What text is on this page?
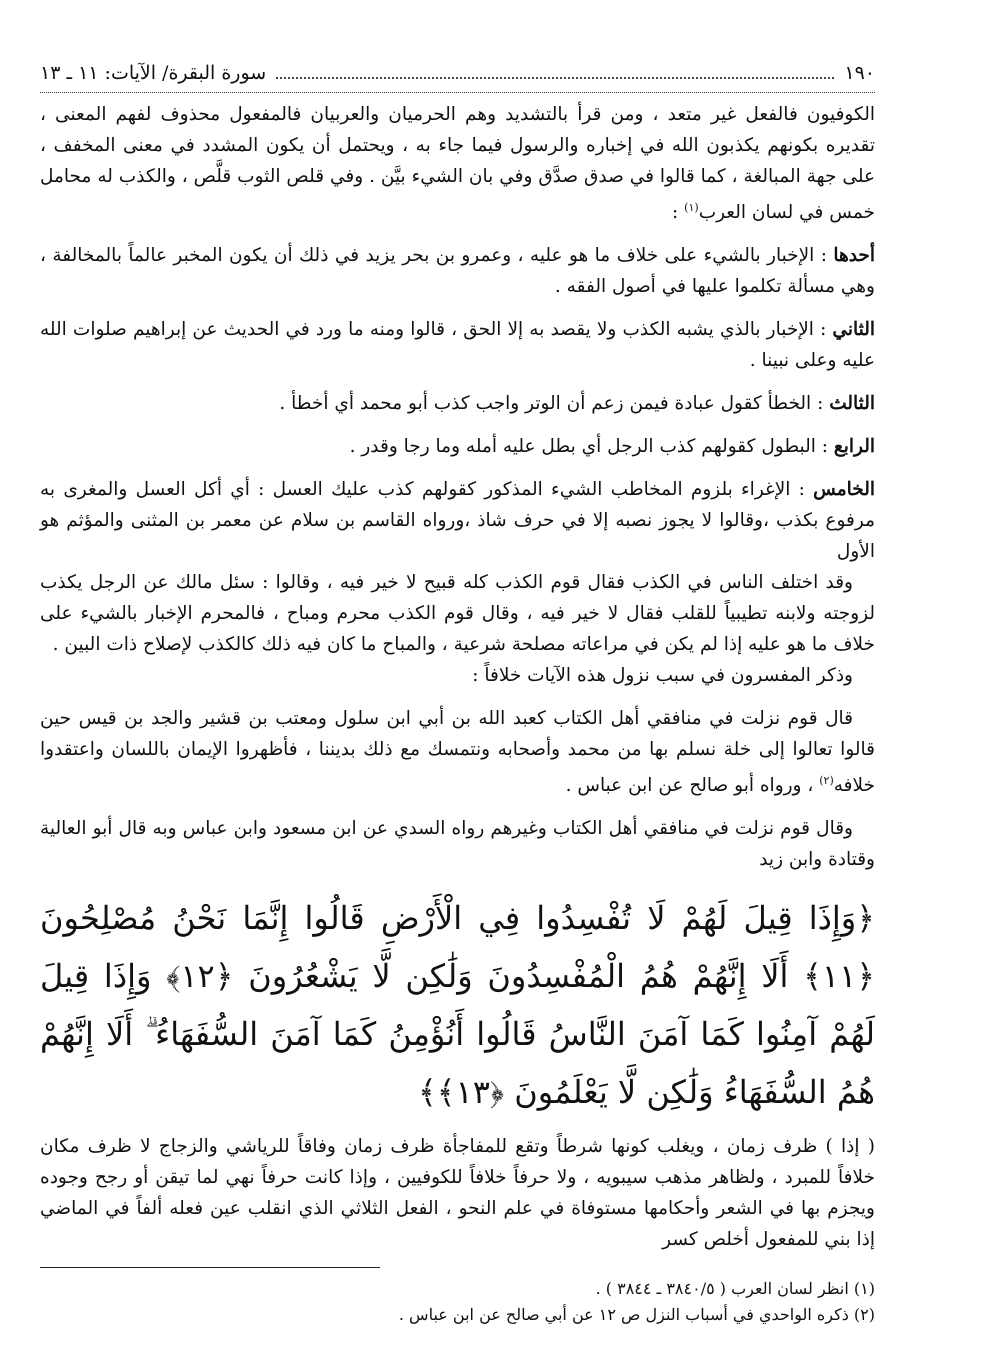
١٩٠
سورة البقرة/ الآيات: ١١ ـ ١٣

الكوفيون فالفعل غير متعد ، ومن قرأ بالتشديد وهم الحرميان والعربيان فالمفعول محذوف لفهم المعنى ، تقديره بكونهم يكذبون الله في إخباره والرسول فيما جاء به ، ويحتمل أن يكون المشدد في معنى المخفف ، على جهة المبالغة ، كما قالوا في صدق صدَّق وفي بان الشيء بيَّن . وفي قلص الثوب قلَّص ، والكذب له محامل خمس في لسان العرب$^{(١)}$ :

أحدها : الإخبار بالشيء على خلاف ما هو عليه ، وعمرو بن بحر يزيد في ذلك أن يكون المخبر عالماً بالمخالفة ، وهي مسألة تكلموا عليها في أصول الفقه .

الثاني : الإخبار بالذي يشبه الكذب ولا يقصد به إلا الحق ، قالوا ومنه ما ورد في الحديث عن إبراهيم صلوات الله عليه وعلى نبينا .

الثالث : الخطأ كقول عبادة فيمن زعم أن الوتر واجب كذب أبو محمد أي أخطأ .

الرابع : البطول كقولهم كذب الرجل أي بطل عليه أمله وما رجا وقدر .

الخامس : الإغراء بلزوم المخاطب الشيء المذكور كقولهم كذب عليك العسل : أي أكل العسل والمغرى به مرفوع بكذب ،وقالوا لا يجوز نصبه إلا في حرف شاذ ،ورواه القاسم بن سلام عن معمر بن المثنى والمؤثم هو الأول

وقد اختلف الناس في الكذب فقال قوم الكذب كله قبيح لا خير فيه ، وقالوا : سئل مالك عن الرجل يكذب لزوجته ولابنه تطيبياً للقلب فقال لا خير فيه ، وقال قوم الكذب محرم ومباح ، فالمحرم الإخبار بالشيء على خلاف ما هو عليه إذا لم يكن في مراعاته مصلحة شرعية ، والمباح ما كان فيه ذلك كالكذب لإصلاح ذات البين .

وذكر المفسرون في سبب نزول هذه الآيات خلافاً :

قال قوم نزلت في منافقي أهل الكتاب كعبد الله بن أبي ابن سلول ومعتب بن قشير والجد بن قيس حين قالوا تعالوا إلى خلة نسلم بها من محمد وأصحابه ونتمسك مع ذلك بديننا ، فأظهروا الإيمان باللسان واعتقدوا خلافه$^{(٢)}$ ، ورواه أبو صالح عن ابن عباس .

وقال قوم نزلت في منافقي أهل الكتاب وغيرهم رواه السدي عن ابن مسعود وابن عباس وبه قال أبو العالية وقتادة وابن زيد

﴿وَإِذَا قِيلَ لَهُمْ لَا تُفْسِدُوا فِي الْأَرْضِ قَالُوا إِنَّمَا نَحْنُ مُصْلِحُونَ ﴿١١﴾ أَلَا إِنَّهُمْ هُمُ الْمُفْسِدُونَ وَلَٰكِن لَّا يَشْعُرُونَ ﴿١٢﴾ وَإِذَا قِيلَ لَهُمْ آمِنُوا كَمَا آمَنَ النَّاسُ قَالُوا أَنُؤْمِنُ كَمَا آمَنَ السُّفَهَاءُ ۗ أَلَا إِنَّهُمْ هُمُ السُّفَهَاءُ وَلَٰكِن لَّا يَعْلَمُونَ ﴿١٣﴾﴾

( إذا ) ظرف زمان ، ويغلب كونها شرطاً وتقع للمفاجأة ظرف زمان وفاقاً للرياشي والزجاج لا ظرف مكان خلافاً للمبرد ، ولظاهر مذهب سيبويه ، ولا حرفاً خلافاً للكوفيين ، وإذا كانت حرفاً نهي لما تيقن أو رجح وجوده ويجزم بها في الشعر وأحكامها مستوفاة في علم النحو ، الفعل الثلاثي الذي انقلب عين فعله ألفاً في الماضي إذا بني للمفعول أخلص كسر

(١) انظر لسان العرب ( ٣٨٤٠/٥ ـ ٣٨٤٤ ) .
(٢) ذكره الواحدي في أسباب النزل ص ١٢ عن أبي صالح عن ابن عباس .
